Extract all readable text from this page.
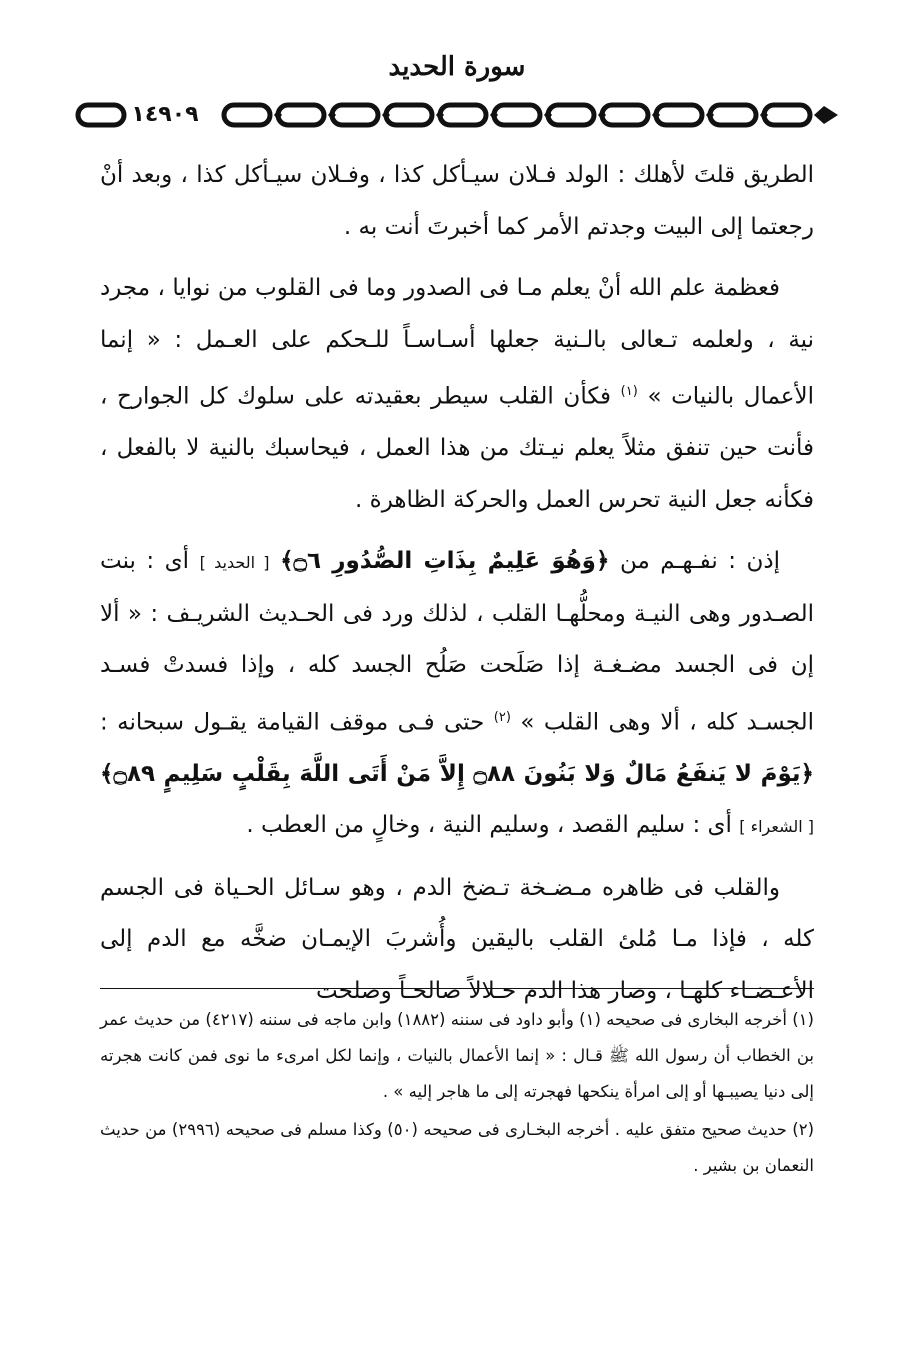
سورة الحديد
١٤٩٠٩

الطريق قلتَ لأهلك : الولد فـلان سيـأكل كذا ، وفـلان سيـأكل كذا ، وبعد أنْ رجعتما إلى البيت وجدتم الأمر كما أخبرتَ أنت به .

فعظمة علم الله أنْ يعلم مـا فى الصدور وما فى القلوب من نوايا ، مجرد نية ، ولعلمه تـعالى بالـنية جعلها أسـاسـاً للـحكم على العـمل : « إنما الأعمال بالنيات » $^{(١)}$ فكأن القلب سيطر بعقيدته على سلوك كل الجوارح ، فأنت حين تنفق مثلاً يعلم نيـتك من هذا العمل ، فيحاسبك بالنية لا بالفعل ، فكأنه جعل النية تحرس العمل والحركة الظاهرة .

إذن : نفـهـم من ﴿وَهُوَ عَلِيمٌ بِذَاتِ الصُّدُورِ ۝٦﴾ [ الحديد ] أى : بنت الصـدور وهى النيـة ومحلُّهـا القلب ، لذلك ورد فى الحـديث الشريـف : « ألا إن فى الجسد مضـغـة إذا صَلَحت صَلُح الجسد كله ، وإذا فسدتْ فسـد الجسـد كله ، ألا وهى القلب » $^{(٢)}$ حتى فـى موقف القيامة يقـول سبحانه : ﴿يَوْمَ لا يَنفَعُ مَالٌ وَلا بَنُونَ ۝٨٨ إِلاَّ مَنْ أَتَى اللَّهَ بِقَلْبٍ سَلِيمٍ ۝٨٩﴾ [ الشعراء ] أى : سليم القصد ، وسليم النية ، وخالٍ من العطب .

والقلب فى ظاهره مـضـخة تـضخ الدم ، وهو سـائل الحـياة فى الجسم كله ، فإذا مـا مُلئ القلب باليقين وأُشربَ الإيمـان ضخَّه مع الدم إلى الأعـضـاء كلهـا ، وصار هذا الدم حـلالاً صالحـاً وصلحت

(١) أخرجه البخارى فى صحيحه (١) وأبو داود فى سننه (١٨٨٢) وابن ماجه فى سننه (٤٢١٧) من حديث عمر بن الخطاب أن رسول الله ﷺ قـال : « إنما الأعمال بالنيات ، وإنما لكل امرىء ما نوى فمن كانت هجرته إلى دنيا يصيبـها أو إلى امرأة ينكحها فهجرته إلى ما هاجر إليه » .

(٢) حديث صحيح متفق عليه . أخرجه البخـارى فى صحيحه (٥٠) وكذا مسلم فى صحيحه (٢٩٩٦) من حديث النعمان بن بشير .
